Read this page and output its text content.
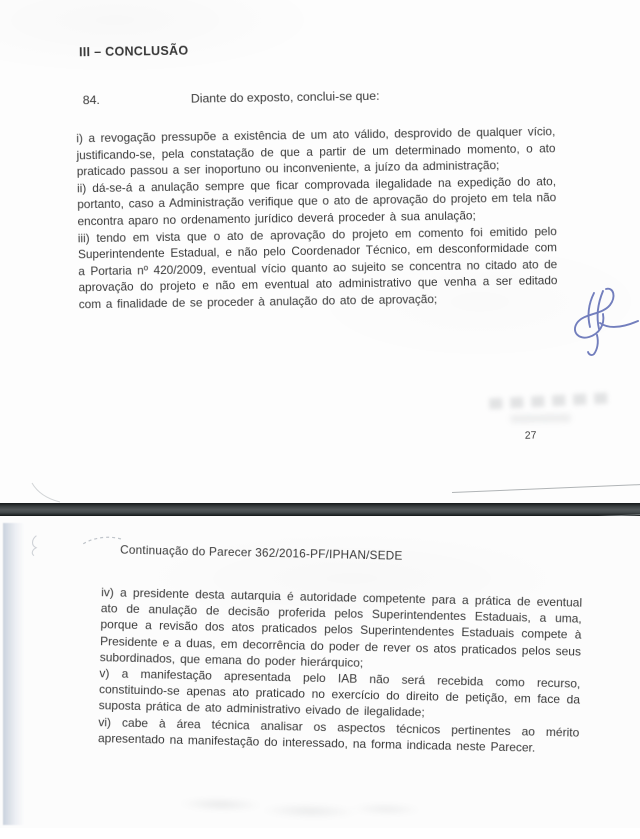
III – CONCLUSÃO
84.	Diante do exposto, conclui-se que:

i) a revogação pressupõe a existência de um ato válido, desprovido de qualquer vício, justificando-se, pela constatação de que a partir de um determinado momento, o ato praticado passou a ser inoportuno ou inconveniente, a juízo da administração;

ii) dá-se-á a anulação sempre que ficar comprovada ilegalidade na expedição do ato, portanto, caso a Administração verifique que o ato de aprovação do projeto em tela não encontra aparo no ordenamento jurídico deverá proceder à sua anulação;

iii) tendo em vista que o ato de aprovação do projeto em comento foi emitido pelo Superintendente Estadual, e não pelo Coordenador Técnico, em desconformidade com a Portaria nº 420/2009, eventual vício quanto ao sujeito se concentra no citado ato de aprovação do projeto e não em eventual ato administrativo que venha a ser editado com a finalidade de se proceder à anulação do ato de aprovação;

27
Continuação do Parecer 362/2016-PF/IPHAN/SEDE

iv) a presidente desta autarquia é autoridade competente para a prática de eventual ato de anulação de decisão proferida pelos Superintendentes Estaduais, a uma, porque a revisão dos atos praticados pelos Superintendentes Estaduais compete à Presidente e a duas, em decorrência do poder de rever os atos praticados pelos seus subordinados, que emana do poder hierárquico;

v) a manifestação apresentada pelo IAB não será recebida como recurso, constituindo-se apenas ato praticado no exercício do direito de petição, em face da suposta prática de ato administrativo eivado de ilegalidade;

vi) cabe à área técnica analisar os aspectos técnicos pertinentes ao mérito apresentado na manifestação do interessado, na forma indicada neste Parecer.
